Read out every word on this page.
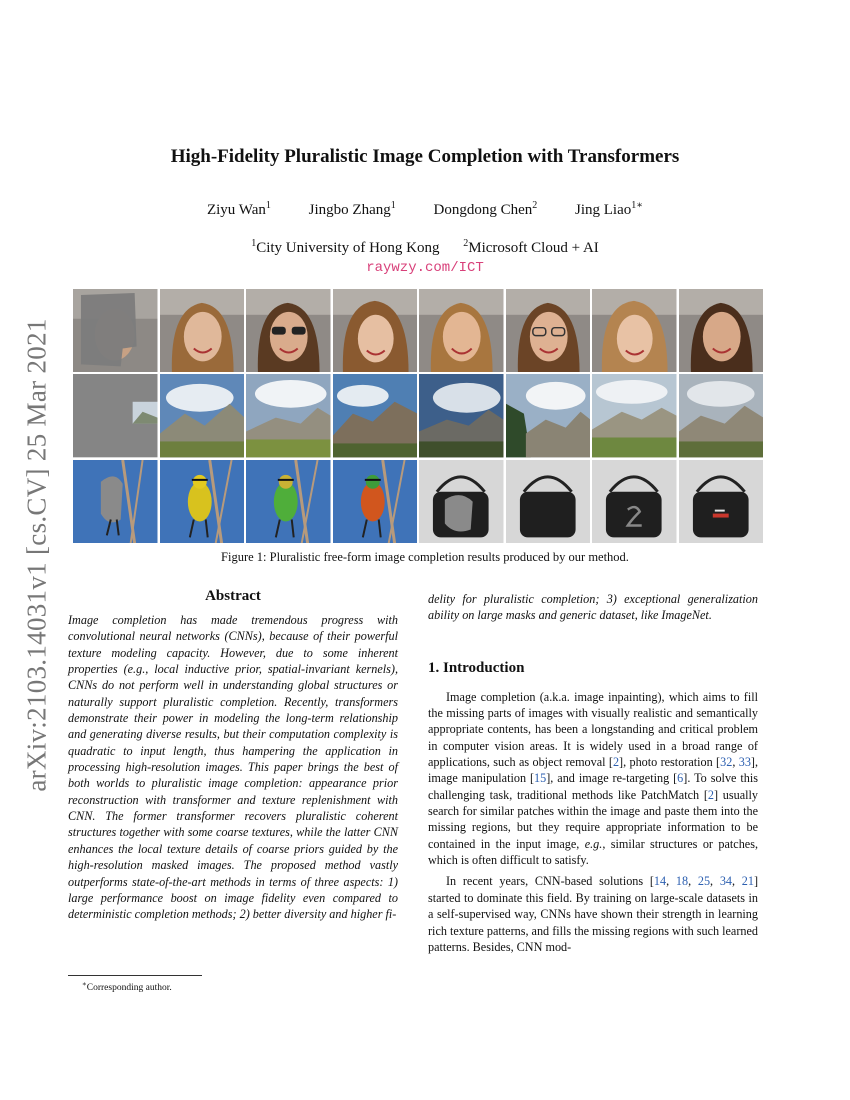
arXiv:2103.14031v1 [cs.CV] 25 Mar 2021
High-Fidelity Pluralistic Image Completion with Transformers
Ziyu Wan$^1$	Jingbo Zhang$^1$	Dongdong Chen$^2$	Jing Liao$^{1∗}$
$^1$City University of Hong Kong $^2$Microsoft Cloud + AI
raywzy.com/ICT
Figure 1: Pluralistic free-form image completion results produced by our method.
Abstract

Image completion has made tremendous progress with convolutional neural networks (CNNs), because of their powerful texture modeling capacity. However, due to some inherent properties (e.g., local inductive prior, spatial-invariant kernels), CNNs do not perform well in understanding global structures or naturally support pluralistic completion. Recently, transformers demonstrate their power in modeling the long-term relationship and generating diverse results, but their computation complexity is quadratic to input length, thus hampering the application in processing high-resolution images. This paper brings the best of both worlds to pluralistic image completion: appearance prior reconstruction with transformer and texture replenishment with CNN. The former transformer recovers pluralistic coherent structures together with some coarse textures, while the latter CNN enhances the local texture details of coarse priors guided by the high-resolution masked images. The proposed method vastly outperforms state-of-the-art methods in terms of three aspects: 1) large performance boost on image fidelity even compared to deterministic completion methods; 2) better diversity and higher fi-

∗Corresponding author.

delity for pluralistic completion; 3) exceptional generalization ability on large masks and generic dataset, like ImageNet.

1. Introduction

Image completion (a.k.a. image inpainting), which aims to fill the missing parts of images with visually realistic and semantically appropriate contents, has been a longstanding and critical problem in computer vision areas. It is widely used in a broad range of applications, such as object removal [2], photo restoration [32, 33], image manipulation [15], and image re-targeting [6]. To solve this challenging task, traditional methods like PatchMatch [2] usually search for similar patches within the image and paste them into the missing regions, but they require appropriate information to be contained in the input image, e.g., similar structures or patches, which is often difficult to satisfy.

In recent years, CNN-based solutions [14, 18, 25, 34, 21] started to dominate this field. By training on large-scale datasets in a self-supervised way, CNNs have shown their strength in learning rich texture patterns, and fills the missing regions with such learned patterns. Besides, CNN mod-
